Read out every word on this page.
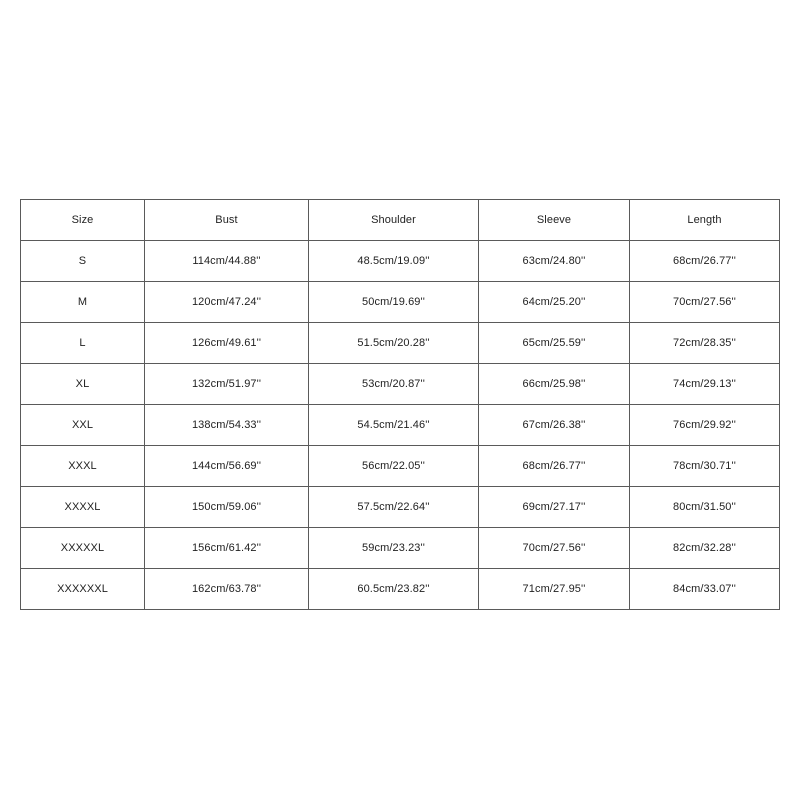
Size	Bust	Shoulder	Sleeve	Length
S	114cm/44.88''	48.5cm/19.09''	63cm/24.80''	68cm/26.77''
M	120cm/47.24''	50cm/19.69''	64cm/25.20''	70cm/27.56''
L	126cm/49.61''	51.5cm/20.28''	65cm/25.59''	72cm/28.35''
XL	132cm/51.97''	53cm/20.87''	66cm/25.98''	74cm/29.13''
XXL	138cm/54.33''	54.5cm/21.46''	67cm/26.38''	76cm/29.92''
XXXL	144cm/56.69''	56cm/22.05''	68cm/26.77''	78cm/30.71''
XXXXL	150cm/59.06''	57.5cm/22.64''	69cm/27.17''	80cm/31.50''
XXXXXL	156cm/61.42''	59cm/23.23''	70cm/27.56''	82cm/32.28''
XXXXXXL	162cm/63.78''	60.5cm/23.82''	71cm/27.95''	84cm/33.07''
